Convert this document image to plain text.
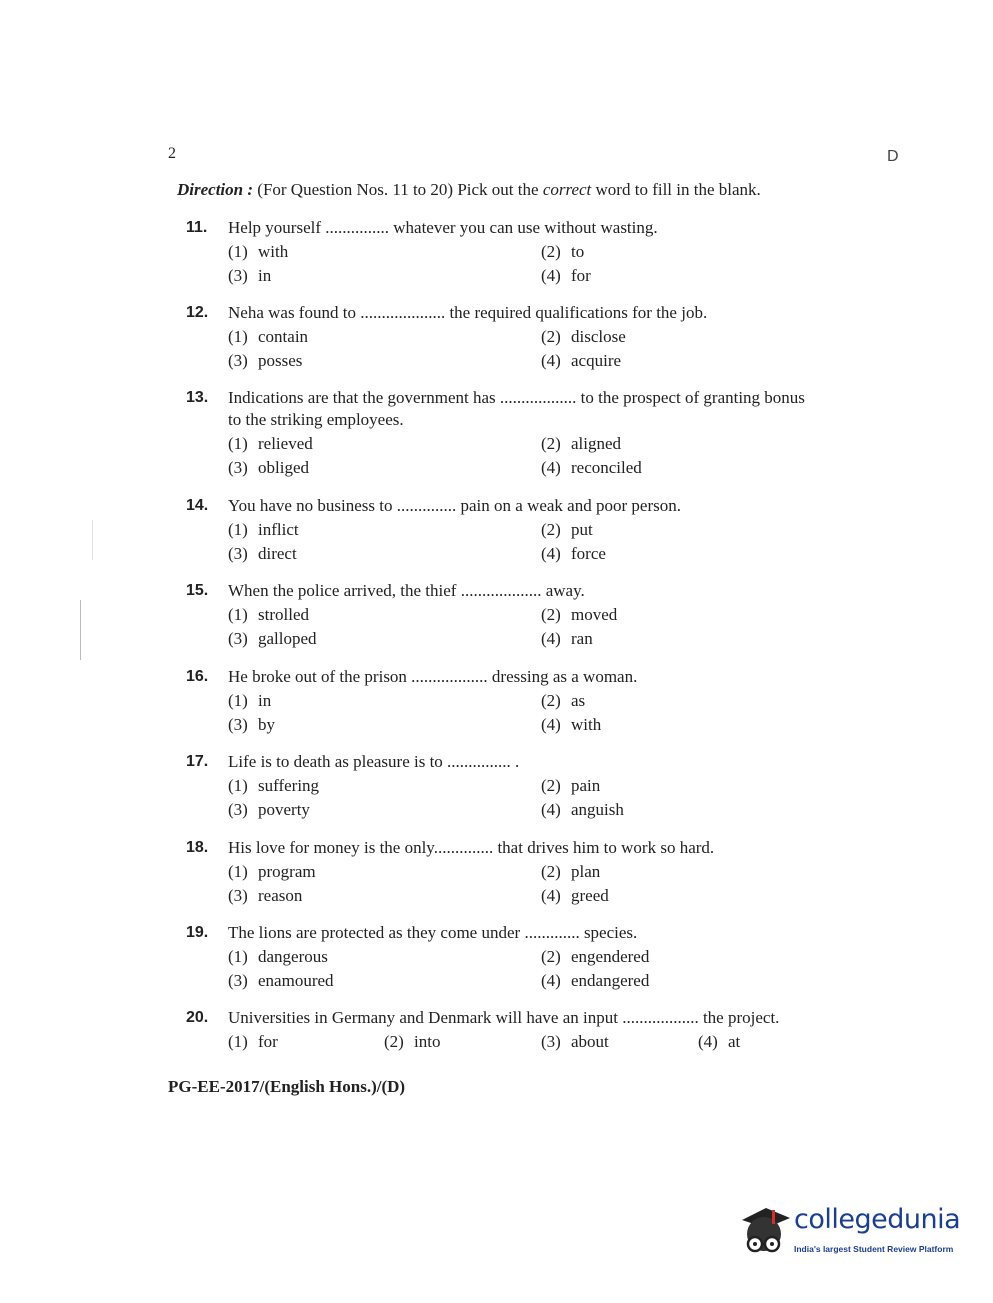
2	D
Direction : (For Question Nos. 11 to 20) Pick out the correct word to fill in the blank.
11. Help yourself ............... whatever you can use without wasting.
(1) with	(2) to
(3) in	(4) for
12. Neha was found to .................... the required qualifications for the job.
(1) contain	(2) disclose
(3) posses	(4) acquire
13. Indications are that the government has .................. to the prospect of granting bonus
to the striking employees.
(1) relieved	(2) aligned
(3) obliged	(4) reconciled
14. You have no business to .............. pain on a weak and poor person.
(1) inflict	(2) put
(3) direct	(4) force
15. When the police arrived, the thief ................... away.
(1) strolled	(2) moved
(3) galloped	(4) ran
16. He broke out of the prison .................. dressing as a woman.
(1) in	(2) as
(3) by	(4) with
17. Life is to death as pleasure is to ............... .
(1) suffering	(2) pain
(3) poverty	(4) anguish
18. His love for money is the only.............. that drives him to work so hard.
(1) program	(2) plan
(3) reason	(4) greed
19. The lions are protected as they come under ............. species.
(1) dangerous	(2) engendered
(3) enamoured	(4) endangered
20. Universities in Germany and Denmark will have an input .................. the project.
(1) for	(2) into	(3) about	(4) at
PG-EE-2017/(English Hons.)/(D)
collegedunia
India's largest Student Review Platform
